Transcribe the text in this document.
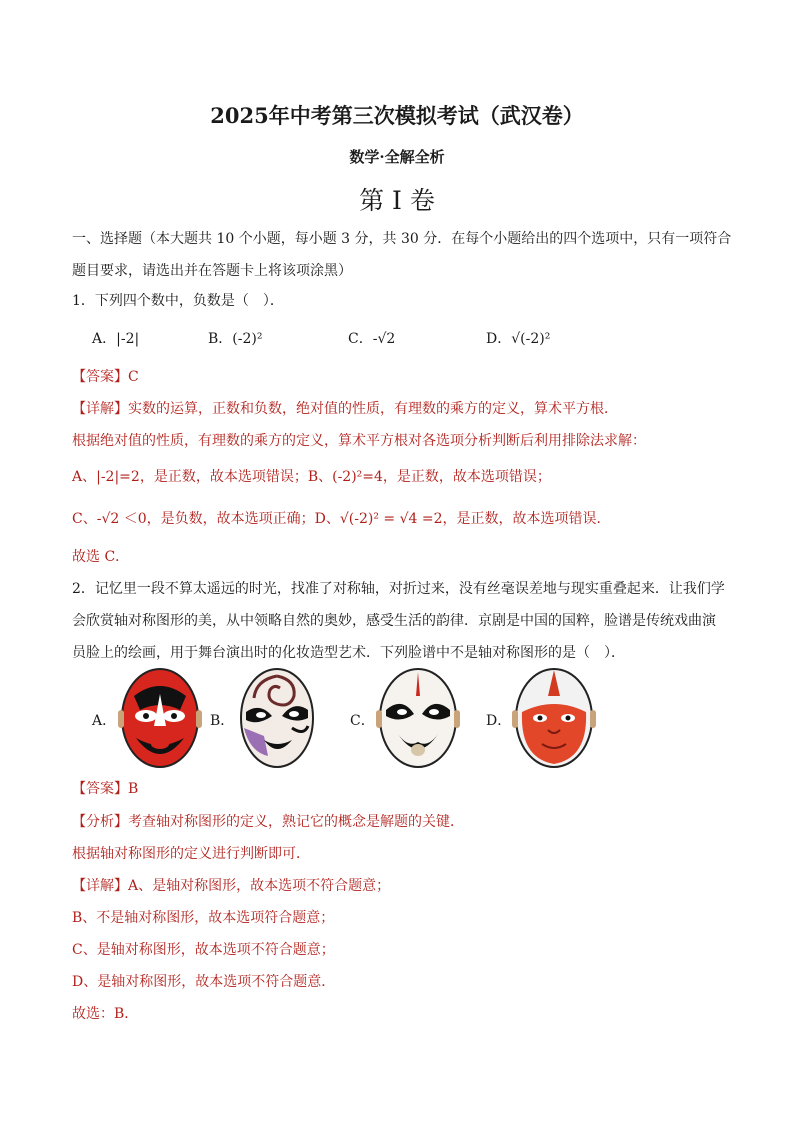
2025年中考第三次模拟考试（武汉卷）
数学·全解全析
第 I 卷
一、选择题（本大题共 10 个小题，每小题 3 分，共 30 分．在每个小题给出的四个选项中，只有一项符合
题目要求，请选出并在答题卡上将该项涂黑）
1．下列四个数中，负数是（　）．
A．|-2|	B．(-2)²	C．-√2	D．√(-2)²
【答案】C
【详解】实数的运算，正数和负数，绝对值的性质，有理数的乘方的定义，算术平方根．
根据绝对值的性质，有理数的乘方的定义，算术平方根对各选项分析判断后利用排除法求解：
A、|-2|=2，是正数，故本选项错误；B、(-2)²=4，是正数，故本选项错误；
C、-√2 ＜0，是负数，故本选项正确；D、√(-2)² = √4 =2，是正数，故本选项错误．
故选 C．
2．记忆里一段不算太遥远的时光，找准了对称轴，对折过来，没有丝毫误差地与现实重叠起来．让我们学
会欣赏轴对称图形的美，从中领略自然的奥妙，感受生活的韵律．京剧是中国的国粹，脸谱是传统戏曲演
员脸上的绘画，用于舞台演出时的化妆造型艺术．下列脸谱中不是轴对称图形的是（　）．
A．	B．	C．	D．
【答案】B
【分析】考查轴对称图形的定义，熟记它的概念是解题的关键．
根据轴对称图形的定义进行判断即可．
【详解】A、是轴对称图形，故本选项不符合题意；
B、不是轴对称图形，故本选项符合题意；
C、是轴对称图形，故本选项不符合题意；
D、是轴对称图形，故本选项不符合题意．
故选：B．
